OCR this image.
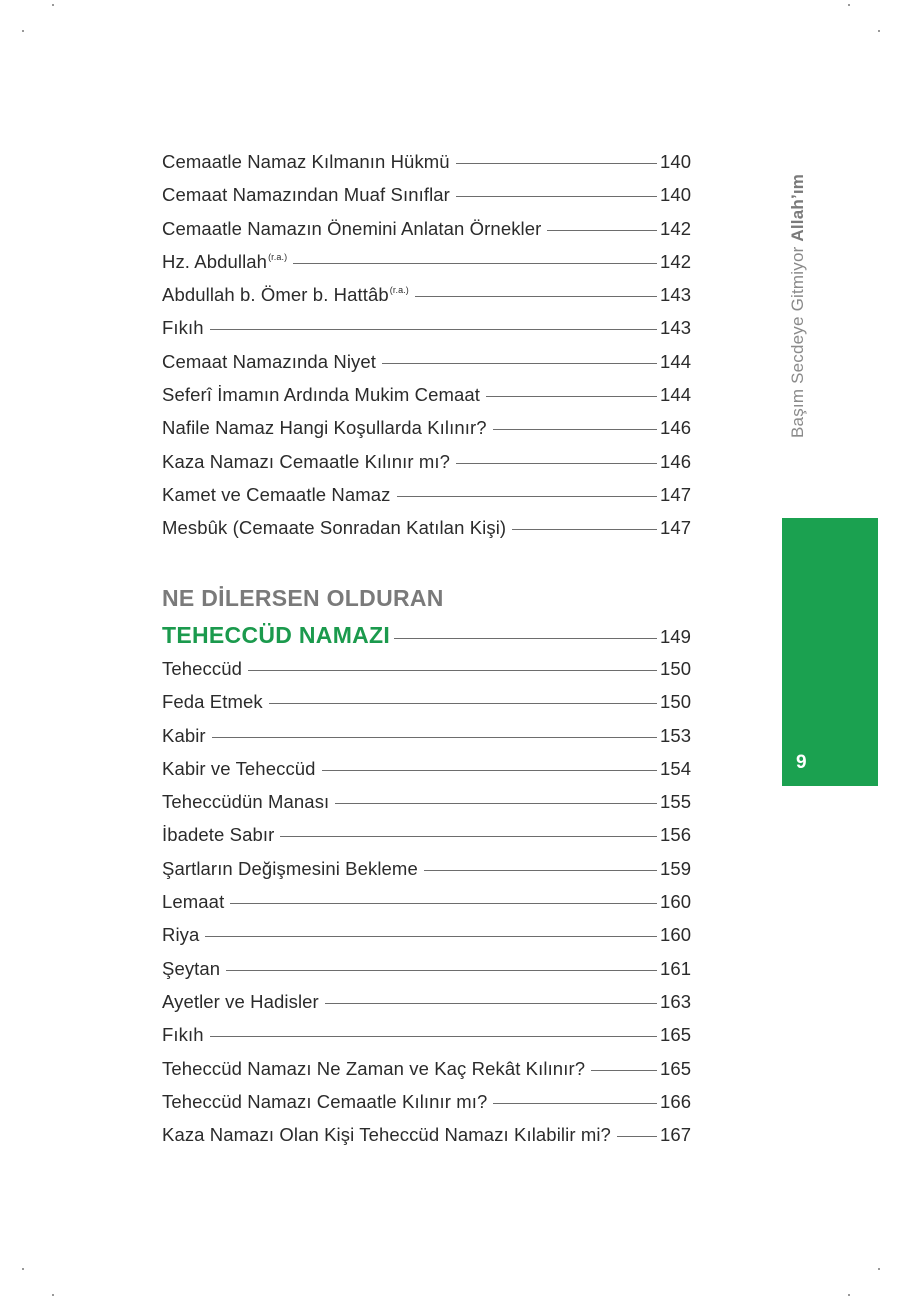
Başım Secdeye Gitmiyor Allah’ım
9
Cemaatle Namaz Kılmanın Hükmü	140
Cemaat Namazından Muaf Sınıflar	140
Cemaatle Namazın Önemini Anlatan Örnekler	142
Hz. Abdullah$^{(r.a.)}$	142
Abdullah b. Ömer b. Hattâb$^{(r.a.)}$	143
Fıkıh	143
Cemaat Namazında Niyet	144
Seferî İmamın Ardında Mukim Cemaat	144
Nafile Namaz Hangi Koşullarda Kılınır?	146
Kaza Namazı Cemaatle Kılınır mı?	146
Kamet ve Cemaatle Namaz	147
Mesbûk (Cemaate Sonradan Katılan Kişi)	147
NE DİLERSEN OLDURAN
TEHECCÜD NAMAZI	149
Teheccüd	150
Feda Etmek	150
Kabir	153
Kabir ve Teheccüd	154
Teheccüdün Manası	155
İbadete Sabır	156
Şartların Değişmesini Bekleme	159
Lemaat	160
Riya	160
Şeytan	161
Ayetler ve Hadisler	163
Fıkıh	165
Teheccüd Namazı Ne Zaman ve Kaç Rekât Kılınır?	165
Teheccüd Namazı Cemaatle Kılınır mı?	166
Kaza Namazı Olan Kişi Teheccüd Namazı Kılabilir mi?	167
